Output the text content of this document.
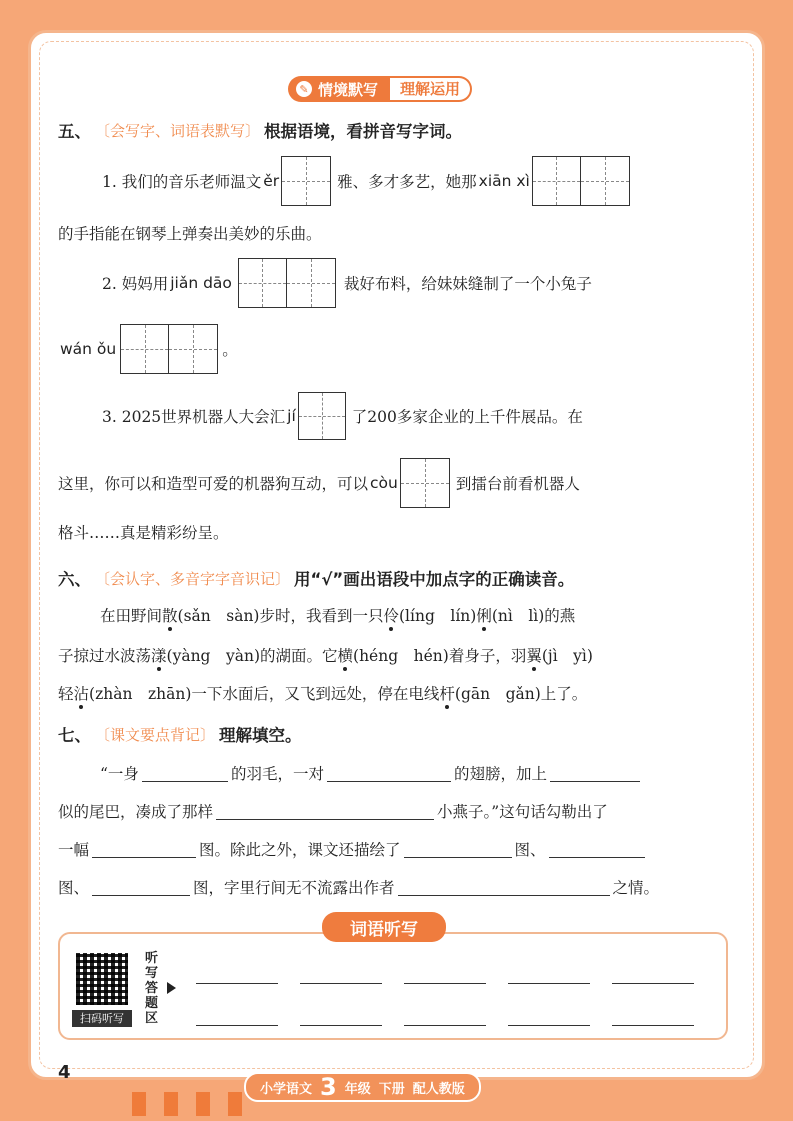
✎ 情境默写	理解运用
五、 〔会写字、词语表默写〕 根据语境，看拼音写字词。
1. 我们的音乐老师温文 ěr	雅、多才多艺，她那 xiān xì
的手指能在钢琴上弹奏出美妙的乐曲。
2. 妈妈用 jiǎn dāo	裁好布料，给妹妹缝制了一个小兔子
wán ǒu	。
3. 2025世界机器人大会汇 jí	了200多家企业的上千件展品。在
这里，你可以和造型可爱的机器狗互动，可以 còu	到擂台前看机器人
格斗……真是精彩纷呈。
六、 〔会认字、多音字字音识记〕 用“√”画出语段中加点字的正确读音。
在田野间 散 (sǎn　sàn)步时，我看到一只 伶 (líng　lín) 俐 (nì　lì)的燕
子掠过水波荡 漾 (yàng　yàn)的湖面。它 横 (héng　hén)着身子，羽 翼 (jì　yì)
轻 沾 (zhàn　zhān)一下水面后，又飞到远处，停在电线 杆 (gān　gǎn)上了。
七、 〔课文要点背记〕 理解填空。
“一身	的羽毛，一对	的翅膀，加上
似的尾巴，凑成了那样	小燕子。”这句话勾勒出了
一幅	图。除此之外，课文还描绘了	图、
图、	图，字里行间无不流露出作者	之情。
词语听写
扫码听写
听写答题区
4
小学语文 3 年级 下册 配人教版
